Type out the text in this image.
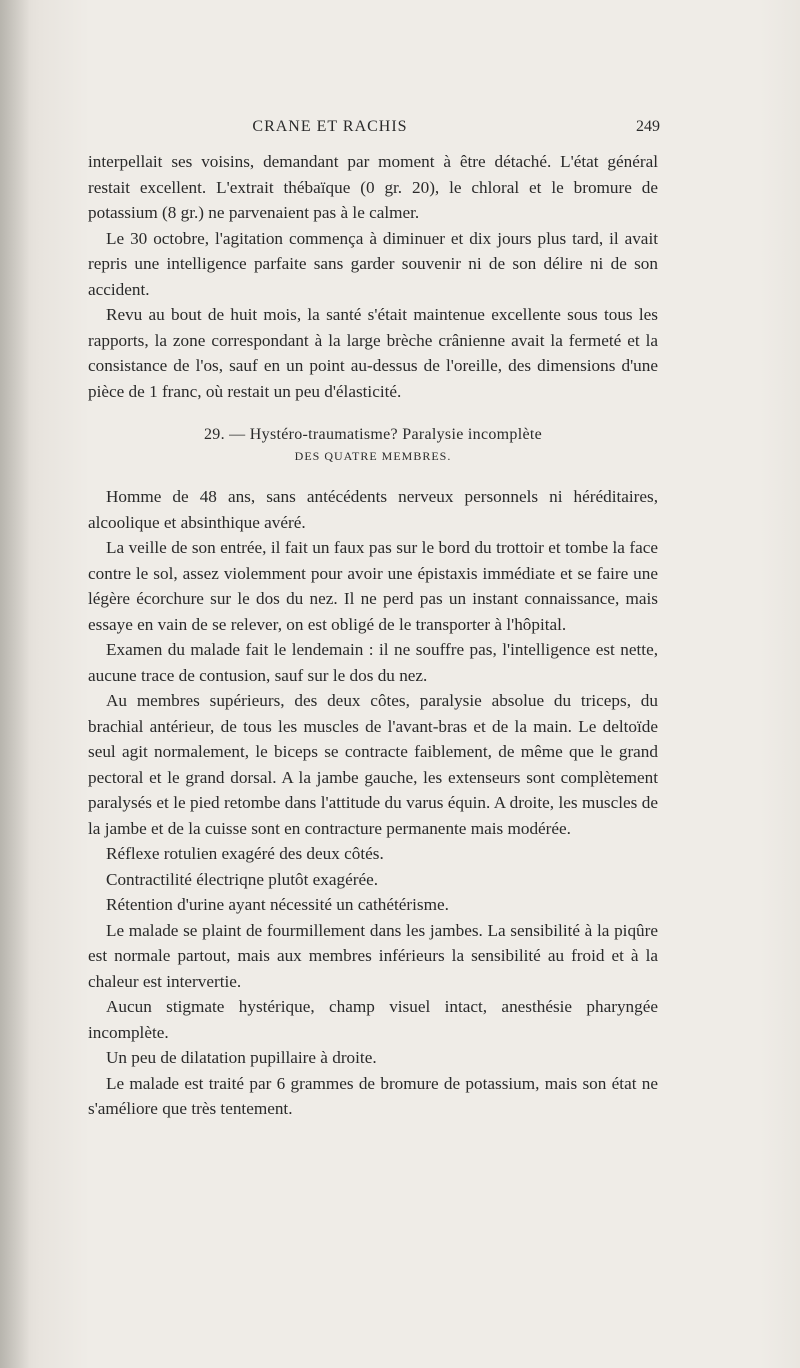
CRANE ET RACHIS	249

interpellait ses voisins, demandant par moment à être détaché. L'état général restait excellent. L'extrait thébaïque (0 gr. 20), le chloral et le bromure de potassium (8 gr.) ne parvenaient pas à le calmer.

Le 30 octobre, l'agitation commença à diminuer et dix jours plus tard, il avait repris une intelligence parfaite sans garder souvenir ni de son délire ni de son accident.

Revu au bout de huit mois, la santé s'était maintenue excellente sous tous les rapports, la zone correspondant à la large brèche crânienne avait la fermeté et la consistance de l'os, sauf en un point au-dessus de l'oreille, des dimensions d'une pièce de 1 franc, où restait un peu d'élasticité.

29. — Hystéro-traumatisme? Paralysie incomplète
DES QUATRE MEMBRES.

Homme de 48 ans, sans antécédents nerveux personnels ni héréditaires, alcoolique et absinthique avéré.

La veille de son entrée, il fait un faux pas sur le bord du trottoir et tombe la face contre le sol, assez violemment pour avoir une épistaxis immédiate et se faire une légère écorchure sur le dos du nez. Il ne perd pas un instant connaissance, mais essaye en vain de se relever, on est obligé de le transporter à l'hôpital.

Examen du malade fait le lendemain : il ne souffre pas, l'intelligence est nette, aucune trace de contusion, sauf sur le dos du nez.

Au membres supérieurs, des deux côtes, paralysie absolue du triceps, du brachial antérieur, de tous les muscles de l'avant-bras et de la main. Le deltoïde seul agit normalement, le biceps se contracte faiblement, de même que le grand pectoral et le grand dorsal. A la jambe gauche, les extenseurs sont complètement paralysés et le pied retombe dans l'attitude du varus équin. A droite, les muscles de la jambe et de la cuisse sont en contracture permanente mais modérée.

Réflexe rotulien exagéré des deux côtés.

Contractilité électriqne plutôt exagérée.

Rétention d'urine ayant nécessité un cathétérisme.

Le malade se plaint de fourmillement dans les jambes. La sensibilité à la piqûre est normale partout, mais aux membres inférieurs la sensibilité au froid et à la chaleur est intervertie.

Aucun stigmate hystérique, champ visuel intact, anesthésie pharyngée incomplète.

Un peu de dilatation pupillaire à droite.

Le malade est traité par 6 grammes de bromure de potassium, mais son état ne s'améliore que très tentement.
